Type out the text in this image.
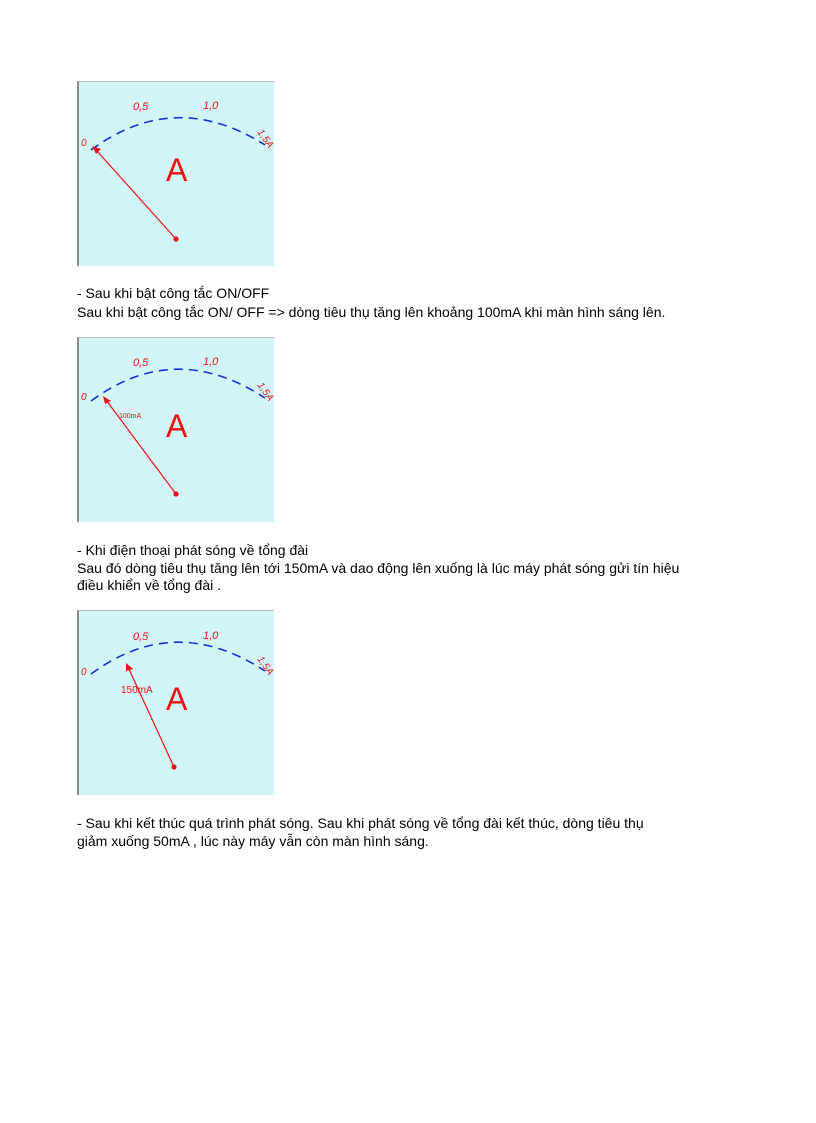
0
0,5	1,0
1,5A
A
- Sau khi bật công tắc ON/OFF
Sau khi bật công tắc ON/ OFF => dòng tiêu thụ tăng lên khoảng 100mA khi màn hình sáng lên.
0
0,5	1,0
1,5A
A
100mA
- Khi điện thoại phát sóng về tổng đài
Sau đó dòng tiêu thụ tăng lên tới 150mA và dao động lên xuống là lúc máy phát sóng gửi tín hiệu
điều khiển về tổng đài .
0
0,5	1,0
1,5A
A
150mA
- Sau khi kết thúc quá trình phát sóng. Sau khi phát sóng về tổng đài kết thúc, dòng tiêu thụ
giảm xuống 50mA , lúc này máy vẫn còn màn hình sáng.
